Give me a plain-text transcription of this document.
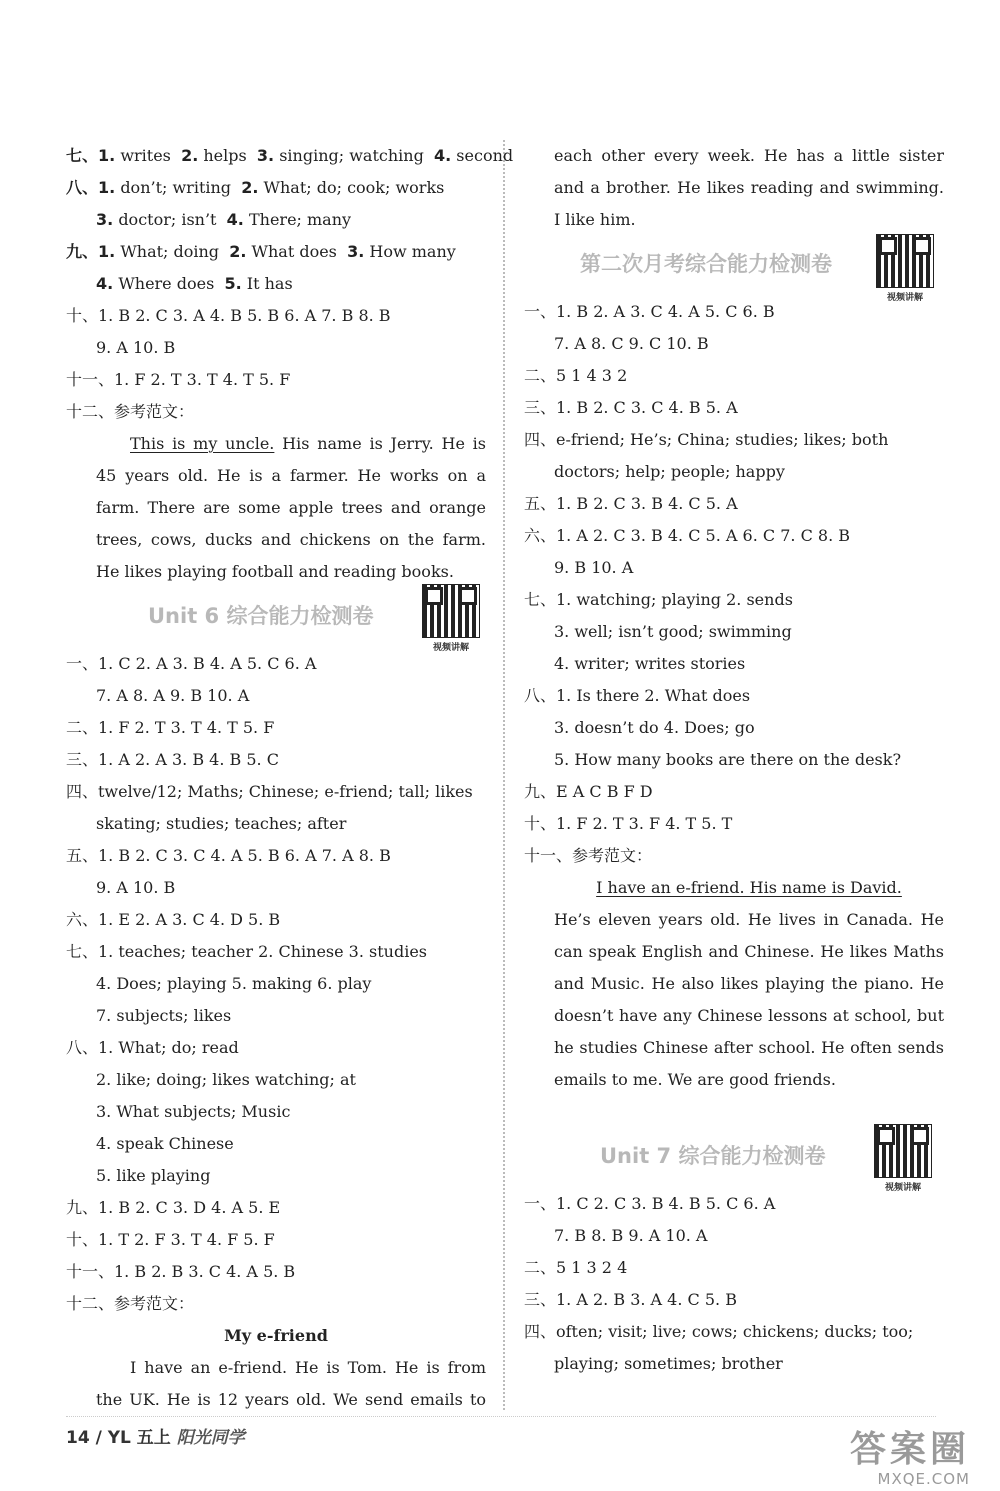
七、1. writes 2. helps 3. singing; watching 4. second
八、1. don’t; writing 2. What; do; cook; works
3. doctor; isn’t 4. There; many
九、1. What; doing 2. What does 3. How many
4. Where does 5. It has
十、1. B 2. C 3. A 4. B 5. B 6. A 7. B 8. B
9. A 10. B
十一、1. F 2. T 3. T 4. T 5. F
十二、参考范文：
This is my uncle. His name is Jerry. He is 45 years old. He is a farmer. He works on a farm. There are some apple trees and orange trees, cows, ducks and chickens on the farm. He likes playing football and reading books.
Unit 6 综合能力检测卷
视频讲解
一、1. C 2. A 3. B 4. A 5. C 6. A
7. A 8. A 9. B 10. A
二、1. F 2. T 3. T 4. T 5. F
三、1. A 2. A 3. B 4. B 5. C
四、twelve/12; Maths; Chinese; e-friend; tall; likes
skating; studies; teaches; after
五、1. B 2. C 3. C 4. A 5. B 6. A 7. A 8. B
9. A 10. B
六、1. E 2. A 3. C 4. D 5. B
七、1. teaches; teacher 2. Chinese 3. studies
4. Does; playing 5. making 6. play
7. subjects; likes
八、1. What; do; read
2. like; doing; likes watching; at
3. What subjects; Music
4. speak Chinese
5. like playing
九、1. B 2. C 3. D 4. A 5. E
十、1. T 2. F 3. T 4. F 5. F
十一、1. B 2. B 3. C 4. A 5. B
十二、参考范文：
My e-friend
I have an e-friend. He is Tom. He is from the UK. He is 12 years old. We send emails to
each other every week. He has a little sister and a brother. He likes reading and swimming. I like him.
第二次月考综合能力检测卷
视频讲解
一、1. B 2. A 3. C 4. A 5. C 6. B
7. A 8. C 9. C 10. B
二、5 1 4 3 2
三、1. B 2. C 3. C 4. B 5. A
四、e-friend; He’s; China; studies; likes; both
doctors; help; people; happy
五、1. B 2. C 3. B 4. C 5. A
六、1. A 2. C 3. B 4. C 5. A 6. C 7. C 8. B
9. B 10. A
七、1. watching; playing 2. sends
3. well; isn’t good; swimming
4. writer; writes stories
八、1. Is there 2. What does
3. doesn’t do 4. Does; go
5. How many books are there on the desk?
九、E A C B F D
十、1. F 2. T 3. F 4. T 5. T
十一、参考范文：
I have an e-friend. His name is David.
He’s eleven years old. He lives in Canada. He can speak English and Chinese. He likes Maths and Music. He also likes playing the piano. He doesn’t have any Chinese lessons at school, but he studies Chinese after school. He often sends emails to me. We are good friends.
Unit 7 综合能力检测卷
视频讲解
一、1. C 2. C 3. B 4. B 5. C 6. A
7. B 8. B 9. A 10. A
二、5 1 3 2 4
三、1. A 2. B 3. A 4. C 5. B
四、often; visit; live; cows; chickens; ducks; too;
playing; sometimes; brother
14 / YL 五上 阳光同学	答案圈
MXQE.COM
